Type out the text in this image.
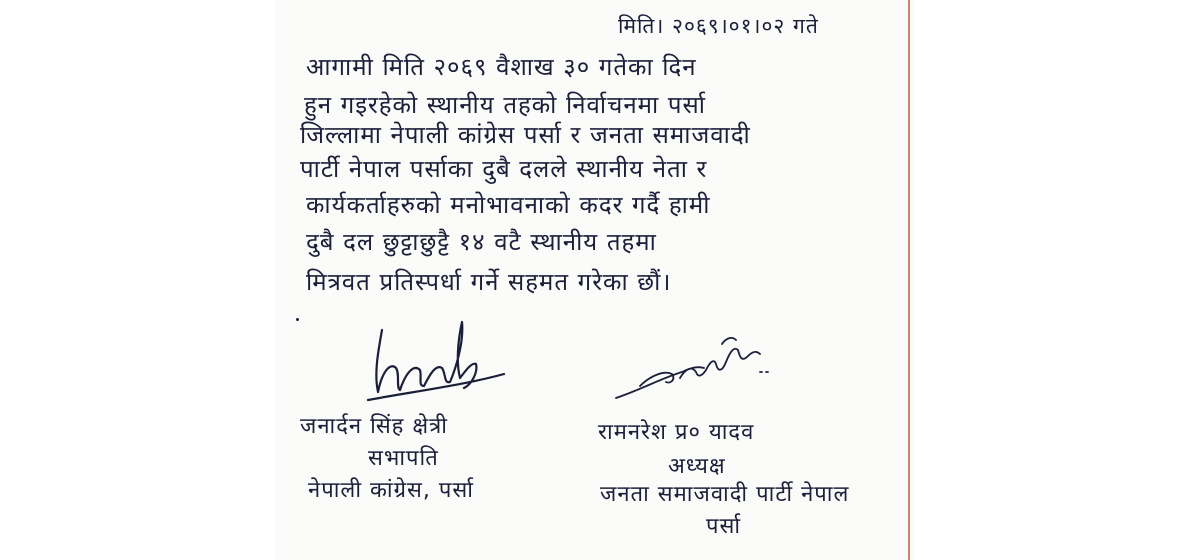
मिति। २०६९।०१।०२ गते
आगामी मिति २०६९ वैशाख ३० गतेका दिन
हुन गइरहेको स्थानीय तहको निर्वाचनमा पर्सा
जिल्लामा नेपाली कांग्रेस पर्सा र जनता समाजवादी
पार्टी नेपाल पर्साका दुबै दलले स्थानीय नेता र
कार्यकर्ताहरुको मनोभावनाको कदर गर्दै हामी
दुबै दल छुट्टाछुट्टै १४ वटै स्थानीय तहमा
मित्रवत प्रतिस्पर्धा गर्ने सहमत गरेका छौं।
जनार्दन सिंह क्षेत्री
सभापति
नेपाली कांग्रेस, पर्सा
रामनरेश प्र० यादव
अध्यक्ष
जनता समाजवादी पार्टी नेपाल
पर्सा
